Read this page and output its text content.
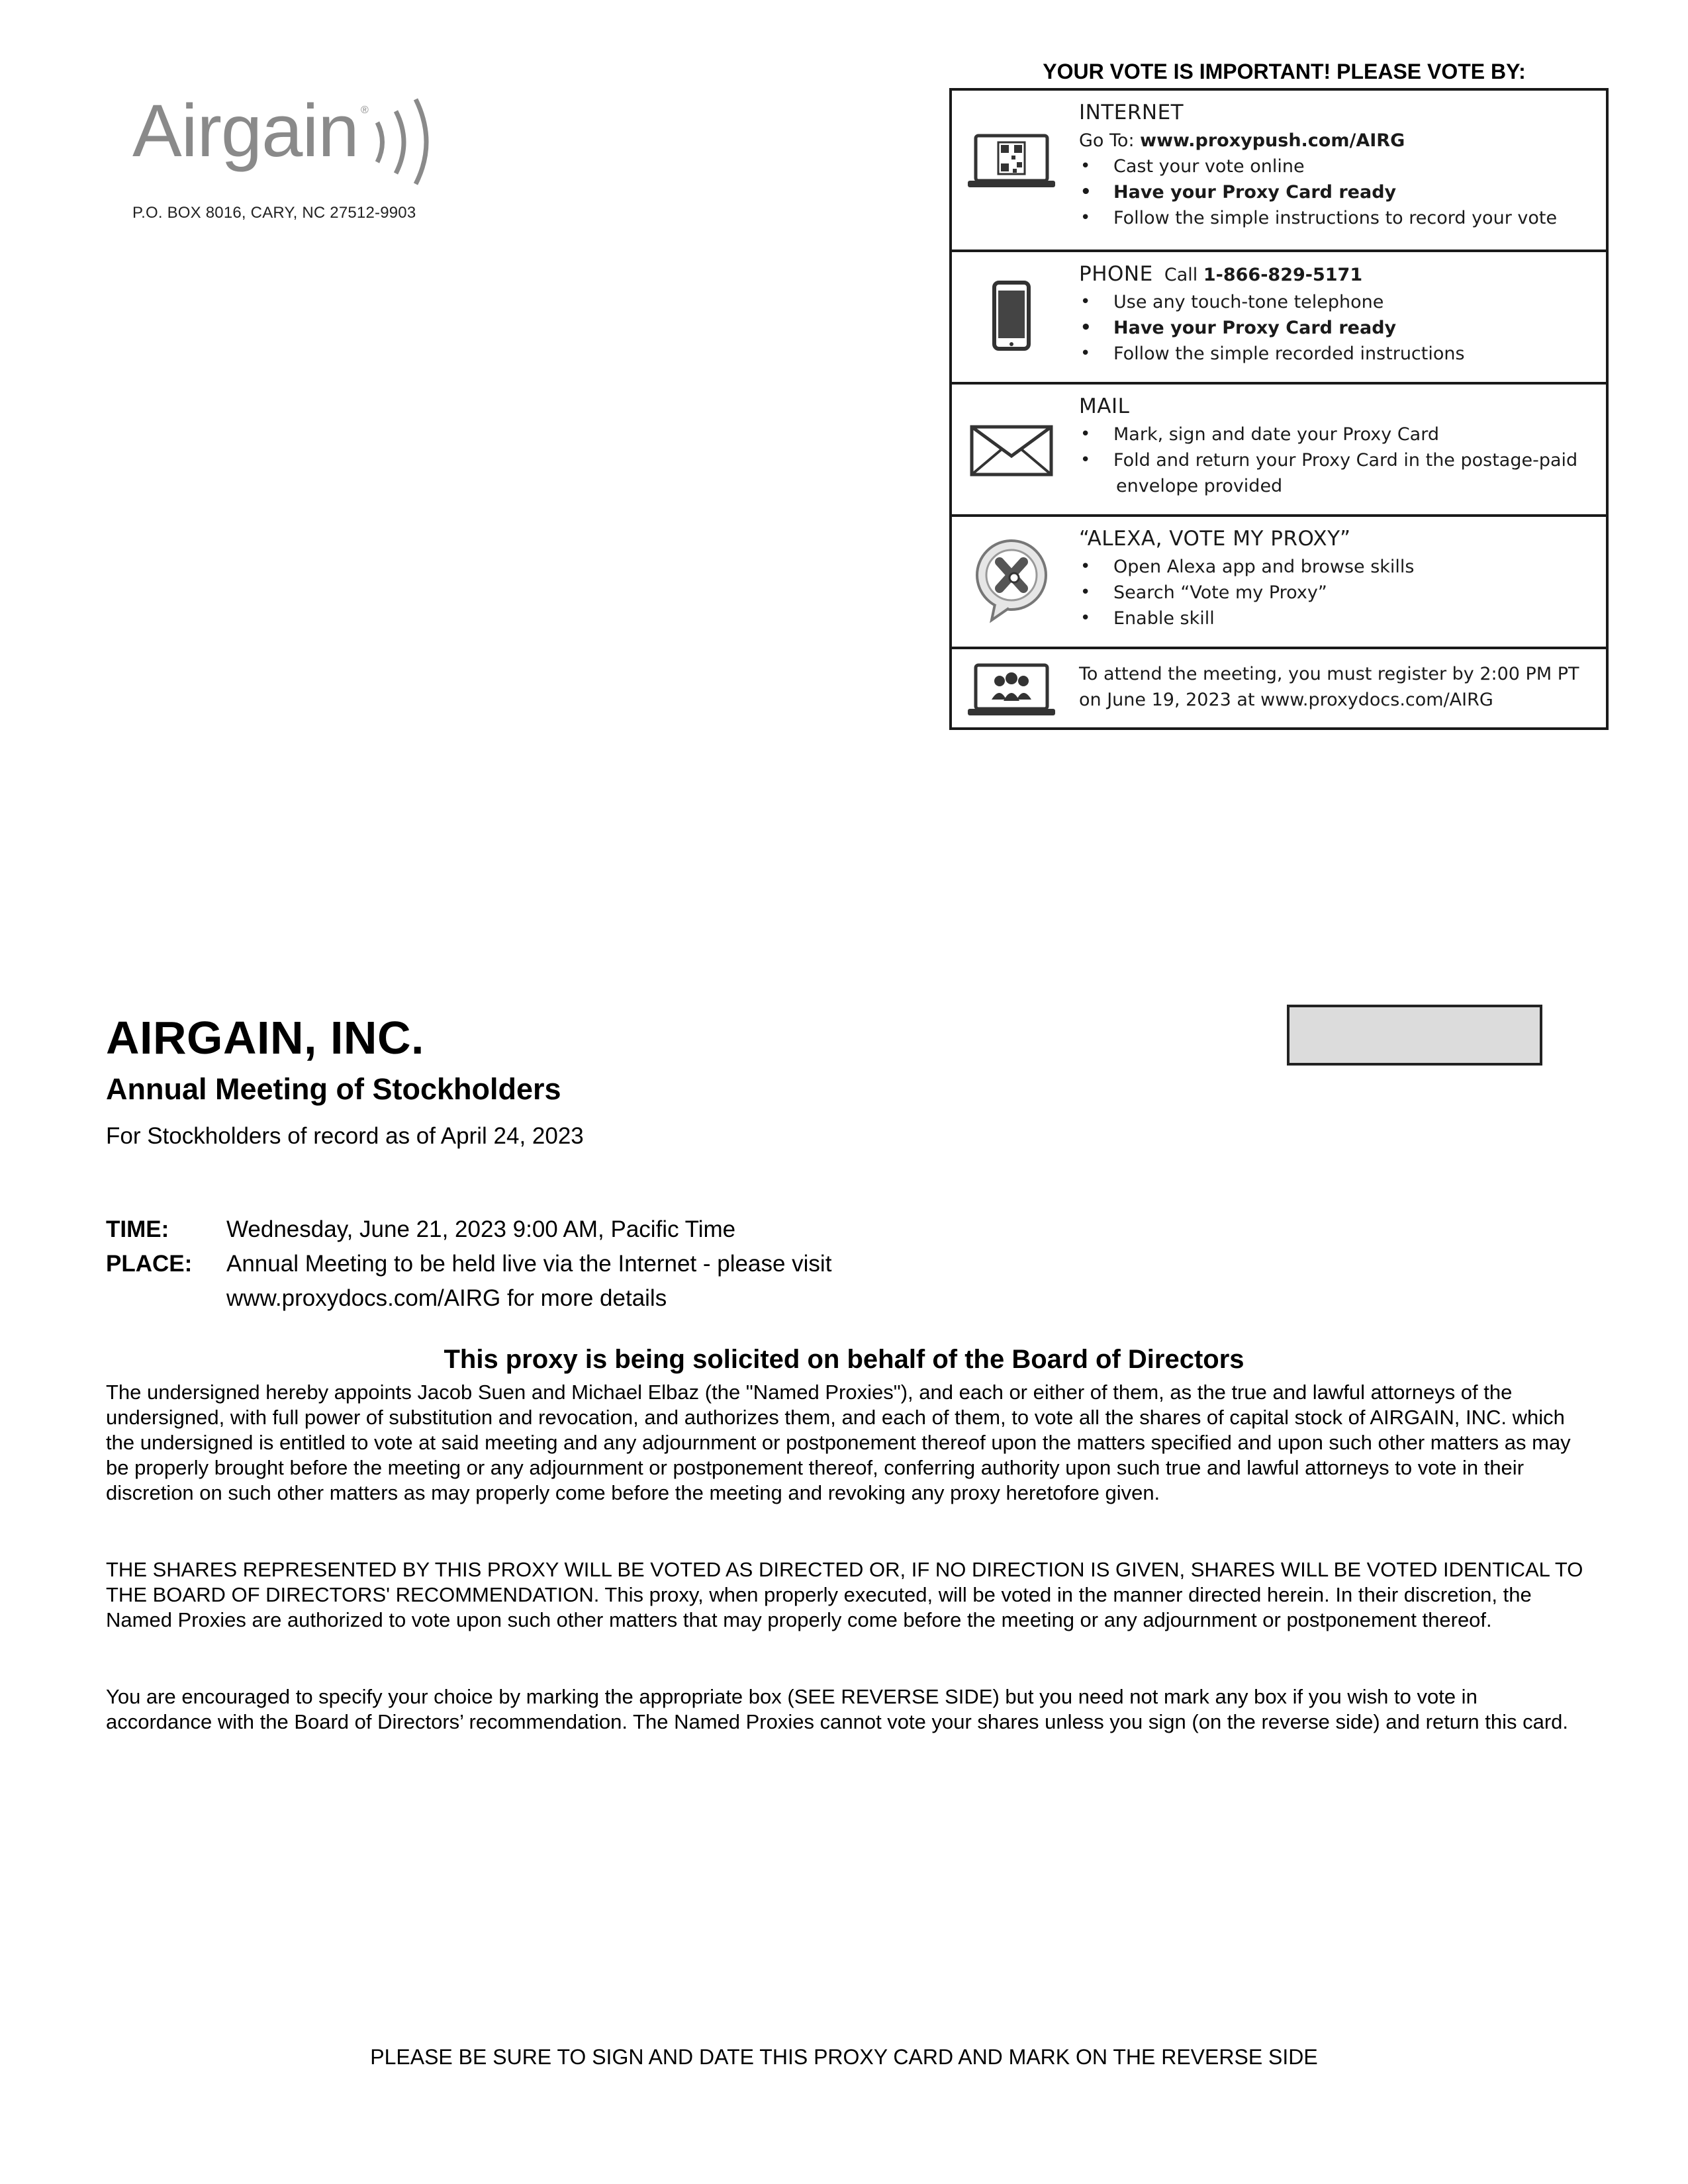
Airgain ®
P.O. BOX 8016, CARY, NC 27512-9903
YOUR VOTE IS IMPORTANT! PLEASE VOTE BY:
INTERNET
Go To: www.proxypush.com/AIRG
• Cast your vote online
• Have your Proxy Card ready
• Follow the simple instructions to record your vote
PHONE Call 1-866-829-5171
• Use any touch-tone telephone
• Have your Proxy Card ready
• Follow the simple recorded instructions
MAIL
• Mark, sign and date your Proxy Card
• Fold and return your Proxy Card in the postage-paid
envelope provided
“ALEXA, VOTE MY PROXY”
• Open Alexa app and browse skills
• Search “Vote my Proxy”
• Enable skill
To attend the meeting, you must register by 2:00 PM PT
on June 19, 2023 at www.proxydocs.com/AIRG
AIRGAIN, INC.
Annual Meeting of Stockholders
For Stockholders of record as of April 24, 2023
TIME: Wednesday, June 21, 2023 9:00 AM, Pacific Time
PLACE: Annual Meeting to be held live via the Internet - please visit
www.proxydocs.com/AIRG for more details
This proxy is being solicited on behalf of the Board of Directors
The undersigned hereby appoints Jacob Suen and Michael Elbaz (the "Named Proxies"), and each or either of them, as the true and lawful attorneys of the undersigned, with full power of substitution and revocation, and authorizes them, and each of them, to vote all the shares of capital stock of AIRGAIN, INC. which the undersigned is entitled to vote at said meeting and any adjournment or postponement thereof upon the matters specified and upon such other matters as may be properly brought before the meeting or any adjournment or postponement thereof, conferring authority upon such true and lawful attorneys to vote in their discretion on such other matters as may properly come before the meeting and revoking any proxy heretofore given.
THE SHARES REPRESENTED BY THIS PROXY WILL BE VOTED AS DIRECTED OR, IF NO DIRECTION IS GIVEN, SHARES WILL BE VOTED IDENTICAL TO THE BOARD OF DIRECTORS' RECOMMENDATION. This proxy, when properly executed, will be voted in the manner directed herein. In their discretion, the Named Proxies are authorized to vote upon such other matters that may properly come before the meeting or any adjournment or postponement thereof.
You are encouraged to specify your choice by marking the appropriate box (SEE REVERSE SIDE) but you need not mark any box if you wish to vote in accordance with the Board of Directors’ recommendation. The Named Proxies cannot vote your shares unless you sign (on the reverse side) and return this card.
PLEASE BE SURE TO SIGN AND DATE THIS PROXY CARD AND MARK ON THE REVERSE SIDE
